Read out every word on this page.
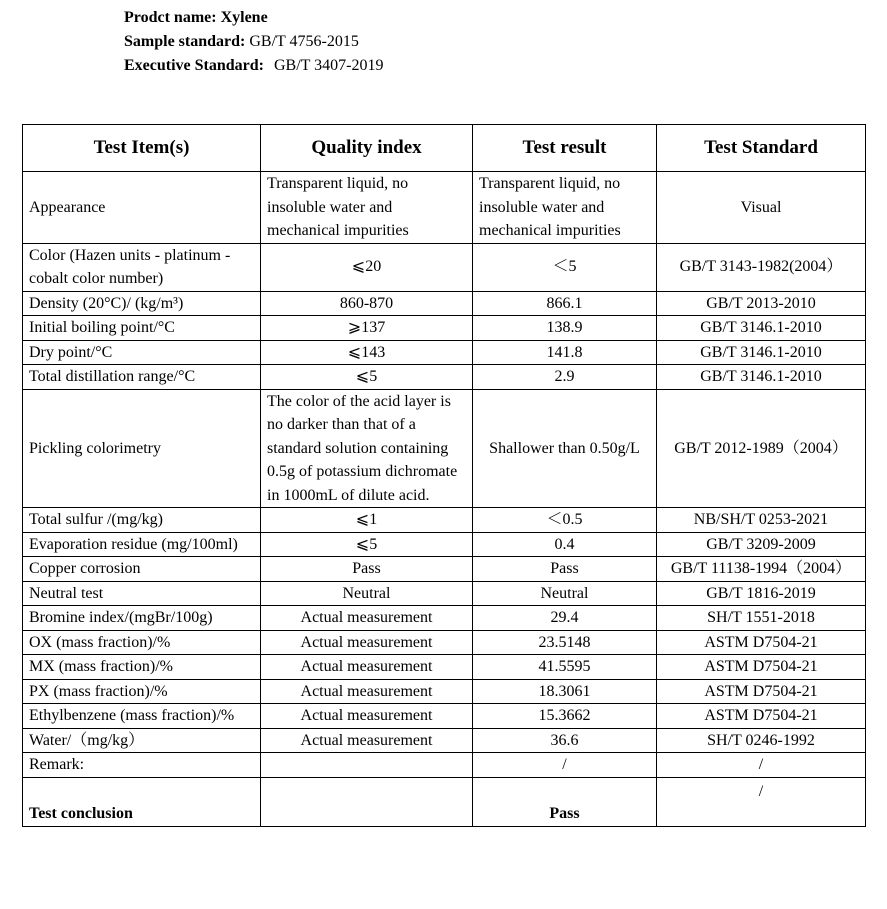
Prodct name: Xylene
Sample standard: GB/T 4756-2015
Executive Standard: GB/T 3407-2019
Test Item(s)	Quality index	Test result	Test Standard
Appearance	Transparent liquid, no insoluble water and mechanical impurities	Transparent liquid, no insoluble water and mechanical impurities	Visual
Color (Hazen units - platinum - cobalt color number)	⩽20	＜5	GB/T 3143-1982(2004）
Density (20°C)/ (kg/m³)	860-870	866.1	GB/T 2013-2010
Initial boiling point/°C	⩾137	138.9	GB/T 3146.1-2010
Dry point/°C	⩽143	141.8	GB/T 3146.1-2010
Total distillation range/°C	⩽5	2.9	GB/T 3146.1-2010
Pickling colorimetry	The color of the acid layer is no darker than that of a standard solution containing 0.5g of potassium dichromate in 1000mL of dilute acid.	Shallower than 0.50g/L	GB/T 2012-1989（2004）
Total sulfur /(mg/kg)	⩽1	＜0.5	NB/SH/T 0253-2021
Evaporation residue (mg/100ml)	⩽5	0.4	GB/T 3209-2009
Copper corrosion	Pass	Pass	GB/T 11138-1994（2004）
Neutral test	Neutral	Neutral	GB/T 1816-2019
Bromine index/(mgBr/100g)	Actual measurement	29.4	SH/T 1551-2018
OX (mass fraction)/%	Actual measurement	23.5148	ASTM D7504-21
MX (mass fraction)/%	Actual measurement	41.5595	ASTM D7504-21
PX (mass fraction)/%	Actual measurement	18.3061	ASTM D7504-21
Ethylbenzene (mass fraction)/%	Actual measurement	15.3662	ASTM D7504-21
Water/（mg/kg）	Actual measurement	36.6	SH/T 0246-1992
Remark:		/	/
Test conclusion		Pass	/
